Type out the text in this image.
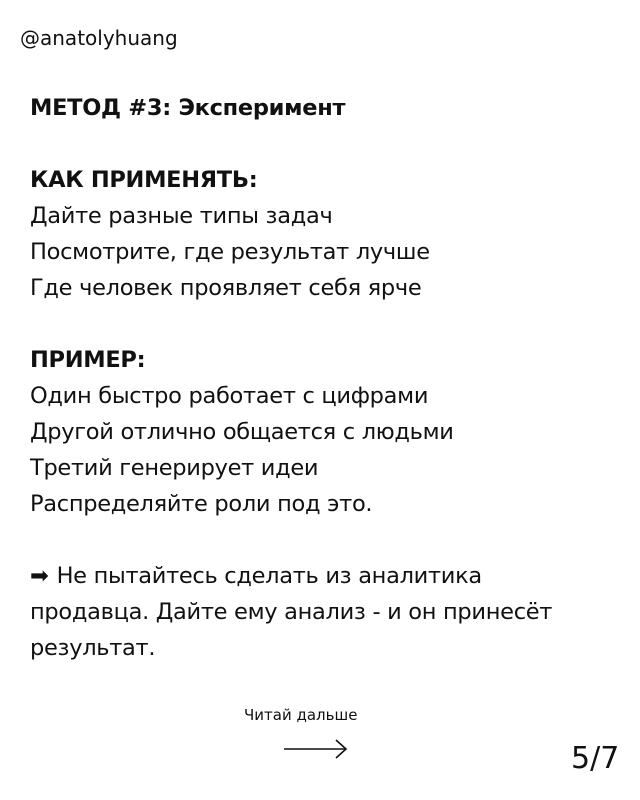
@anatolyhuang

МЕТОД #3: Эксперимент

КАК ПРИМЕНЯТЬ:

Дайте разные типы задач

Посмотрите, где результат лучше

Где человек проявляет себя ярче

ПРИМЕР:

Один быстро работает с цифрами

Другой отлично общается с людьми

Третий генерирует идеи

Распределяйте роли под это.

➡ Не пытайтесь сделать из аналитика

продавца. Дайте ему анализ - и он принесёт

результат.

Читай дальше
5/7
